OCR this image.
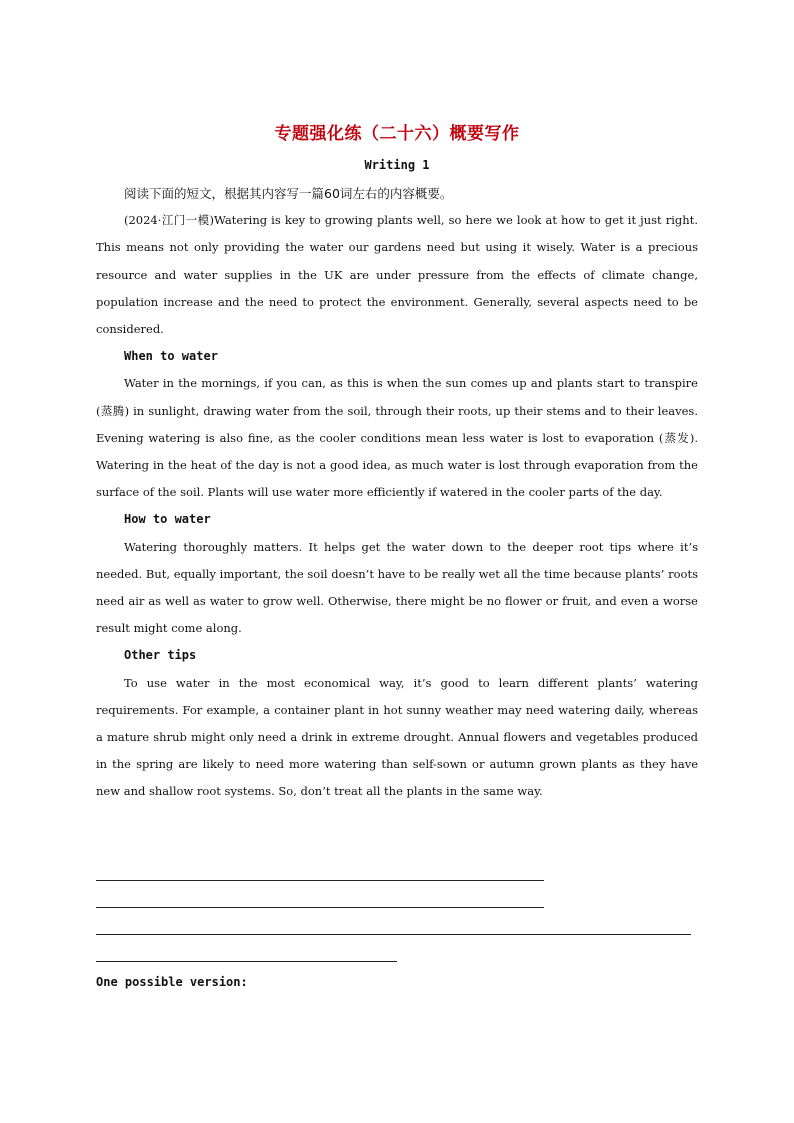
专题强化练（二十六）概要写作
Writing 1

阅读下面的短文，根据其内容写一篇60词左右的内容概要。

(2024·江门一模)Watering is key to growing plants well, so here we look at how to get it just right. This means not only providing the water our gardens need but using it wisely. Water is a precious resource and water supplies in the UK are under pressure from the effects of climate change, population increase and the need to protect the environment. Generally, several aspects need to be considered.

When to water

Water in the mornings, if you can, as this is when the sun comes up and plants start to transpire (蒸腾) in sunlight, drawing water from the soil, through their roots, up their stems and to their leaves. Evening watering is also fine, as the cooler conditions mean less water is lost to evaporation (蒸发). Watering in the heat of the day is not a good idea, as much water is lost through evaporation from the surface of the soil. Plants will use water more efficiently if watered in the cooler parts of the day.

How to water

Watering thoroughly matters. It helps get the water down to the deeper root tips where it’s needed. But, equally important, the soil doesn’t have to be really wet all the time because plants’ roots need air as well as water to grow well. Otherwise, there might be no flower or fruit, and even a worse result might come along.

Other tips

To use water in the most economical way, it’s good to learn different plants’ watering requirements. For example, a container plant in hot sunny weather may need watering daily, whereas a mature shrub might only need a drink in extreme drought. Annual flowers and vegetables produced in the spring are likely to need more watering than self-sown or autumn grown plants as they have new and shallow root systems. So, don’t treat all the plants in the same way.

One possible version:
